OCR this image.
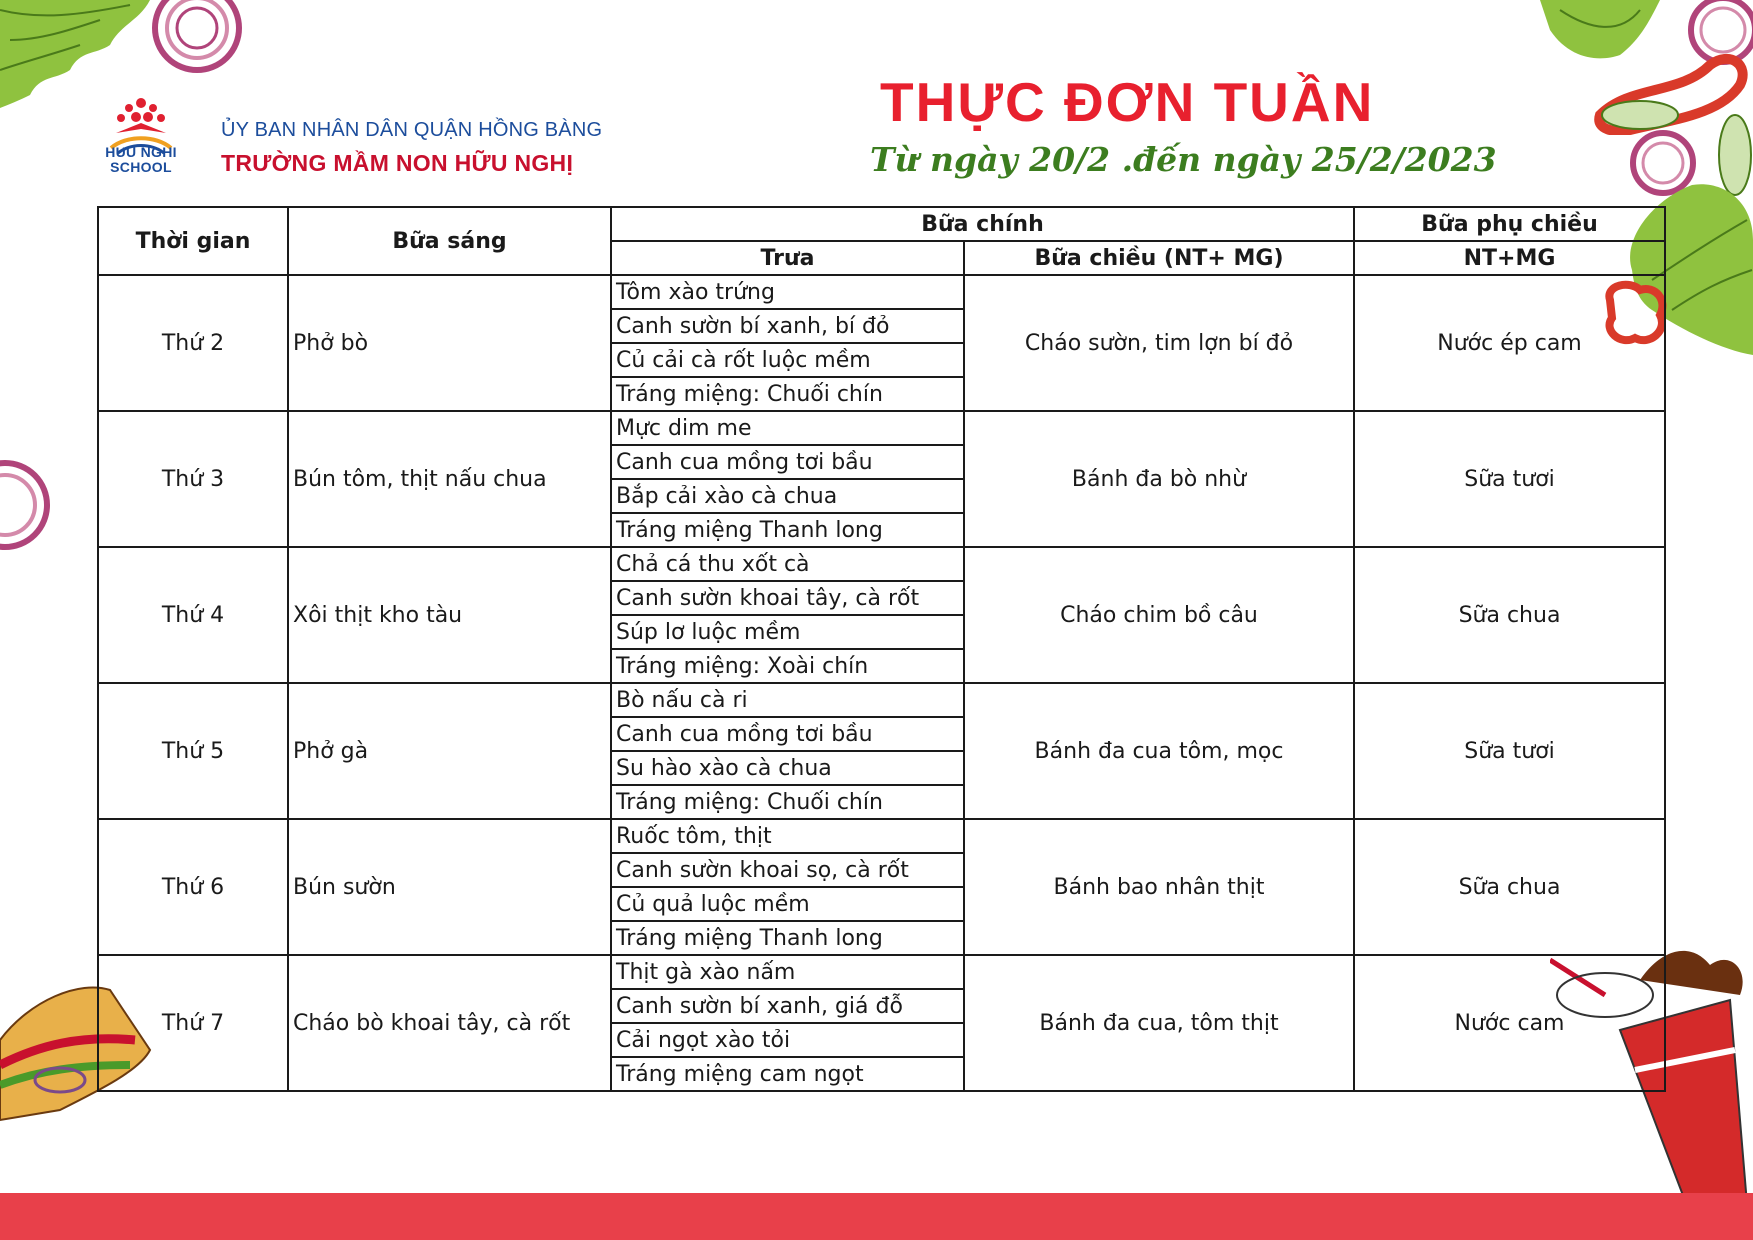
HUU NGHI
SCHOOL
ỦY BAN NHÂN DÂN QUẬN HỒNG BÀNG
TRƯỜNG MẦM NON HỮU NGHỊ
THỰC ĐƠN TUẦN
Từ ngày 20/2 .đến ngày 25/2/2023
Thời gian	Bữa sáng	Bữa chính		Bữa phụ chiều
		Trưa	Bữa chiều (NT+ MG)	NT+MG
Thứ 2	Phở bò	Tôm xào trứng	Cháo sườn, tim lợn bí đỏ	Nước ép cam
		Canh sườn bí xanh, bí đỏ		
		Củ cải cà rốt luộc mềm		
		Tráng miệng: Chuối chín		
Thứ 3	Bún tôm, thịt nấu chua	Mực dim me	Bánh đa bò nhừ	Sữa tươi
		Canh cua mồng tơi bầu		
		Bắp cải xào cà chua		
		Tráng miệng Thanh long		
Thứ 4	Xôi thịt kho tàu	Chả cá thu xốt cà	Cháo chim bồ câu	Sữa chua
		Canh sườn khoai tây, cà rốt		
		Súp lơ luộc mềm		
		Tráng miệng: Xoài chín		
Thứ 5	Phở gà	Bò nấu cà ri	Bánh đa cua tôm, mọc	Sữa tươi
		Canh cua mồng tơi bầu		
		Su hào xào cà chua		
		Tráng miệng: Chuối chín		
Thứ 6	Bún sườn	Ruốc tôm, thịt	Bánh bao nhân thịt	Sữa chua
		Canh sườn khoai sọ, cà rốt		
		Củ quả luộc mềm		
		Tráng miệng Thanh long		
Thứ 7	Cháo bò khoai tây, cà rốt	Thịt gà xào nấm	Bánh đa cua, tôm thịt	Nước cam
		Canh sườn bí xanh, giá đỗ		
		Cải ngọt xào tỏi		
		Tráng miệng cam ngọt		
